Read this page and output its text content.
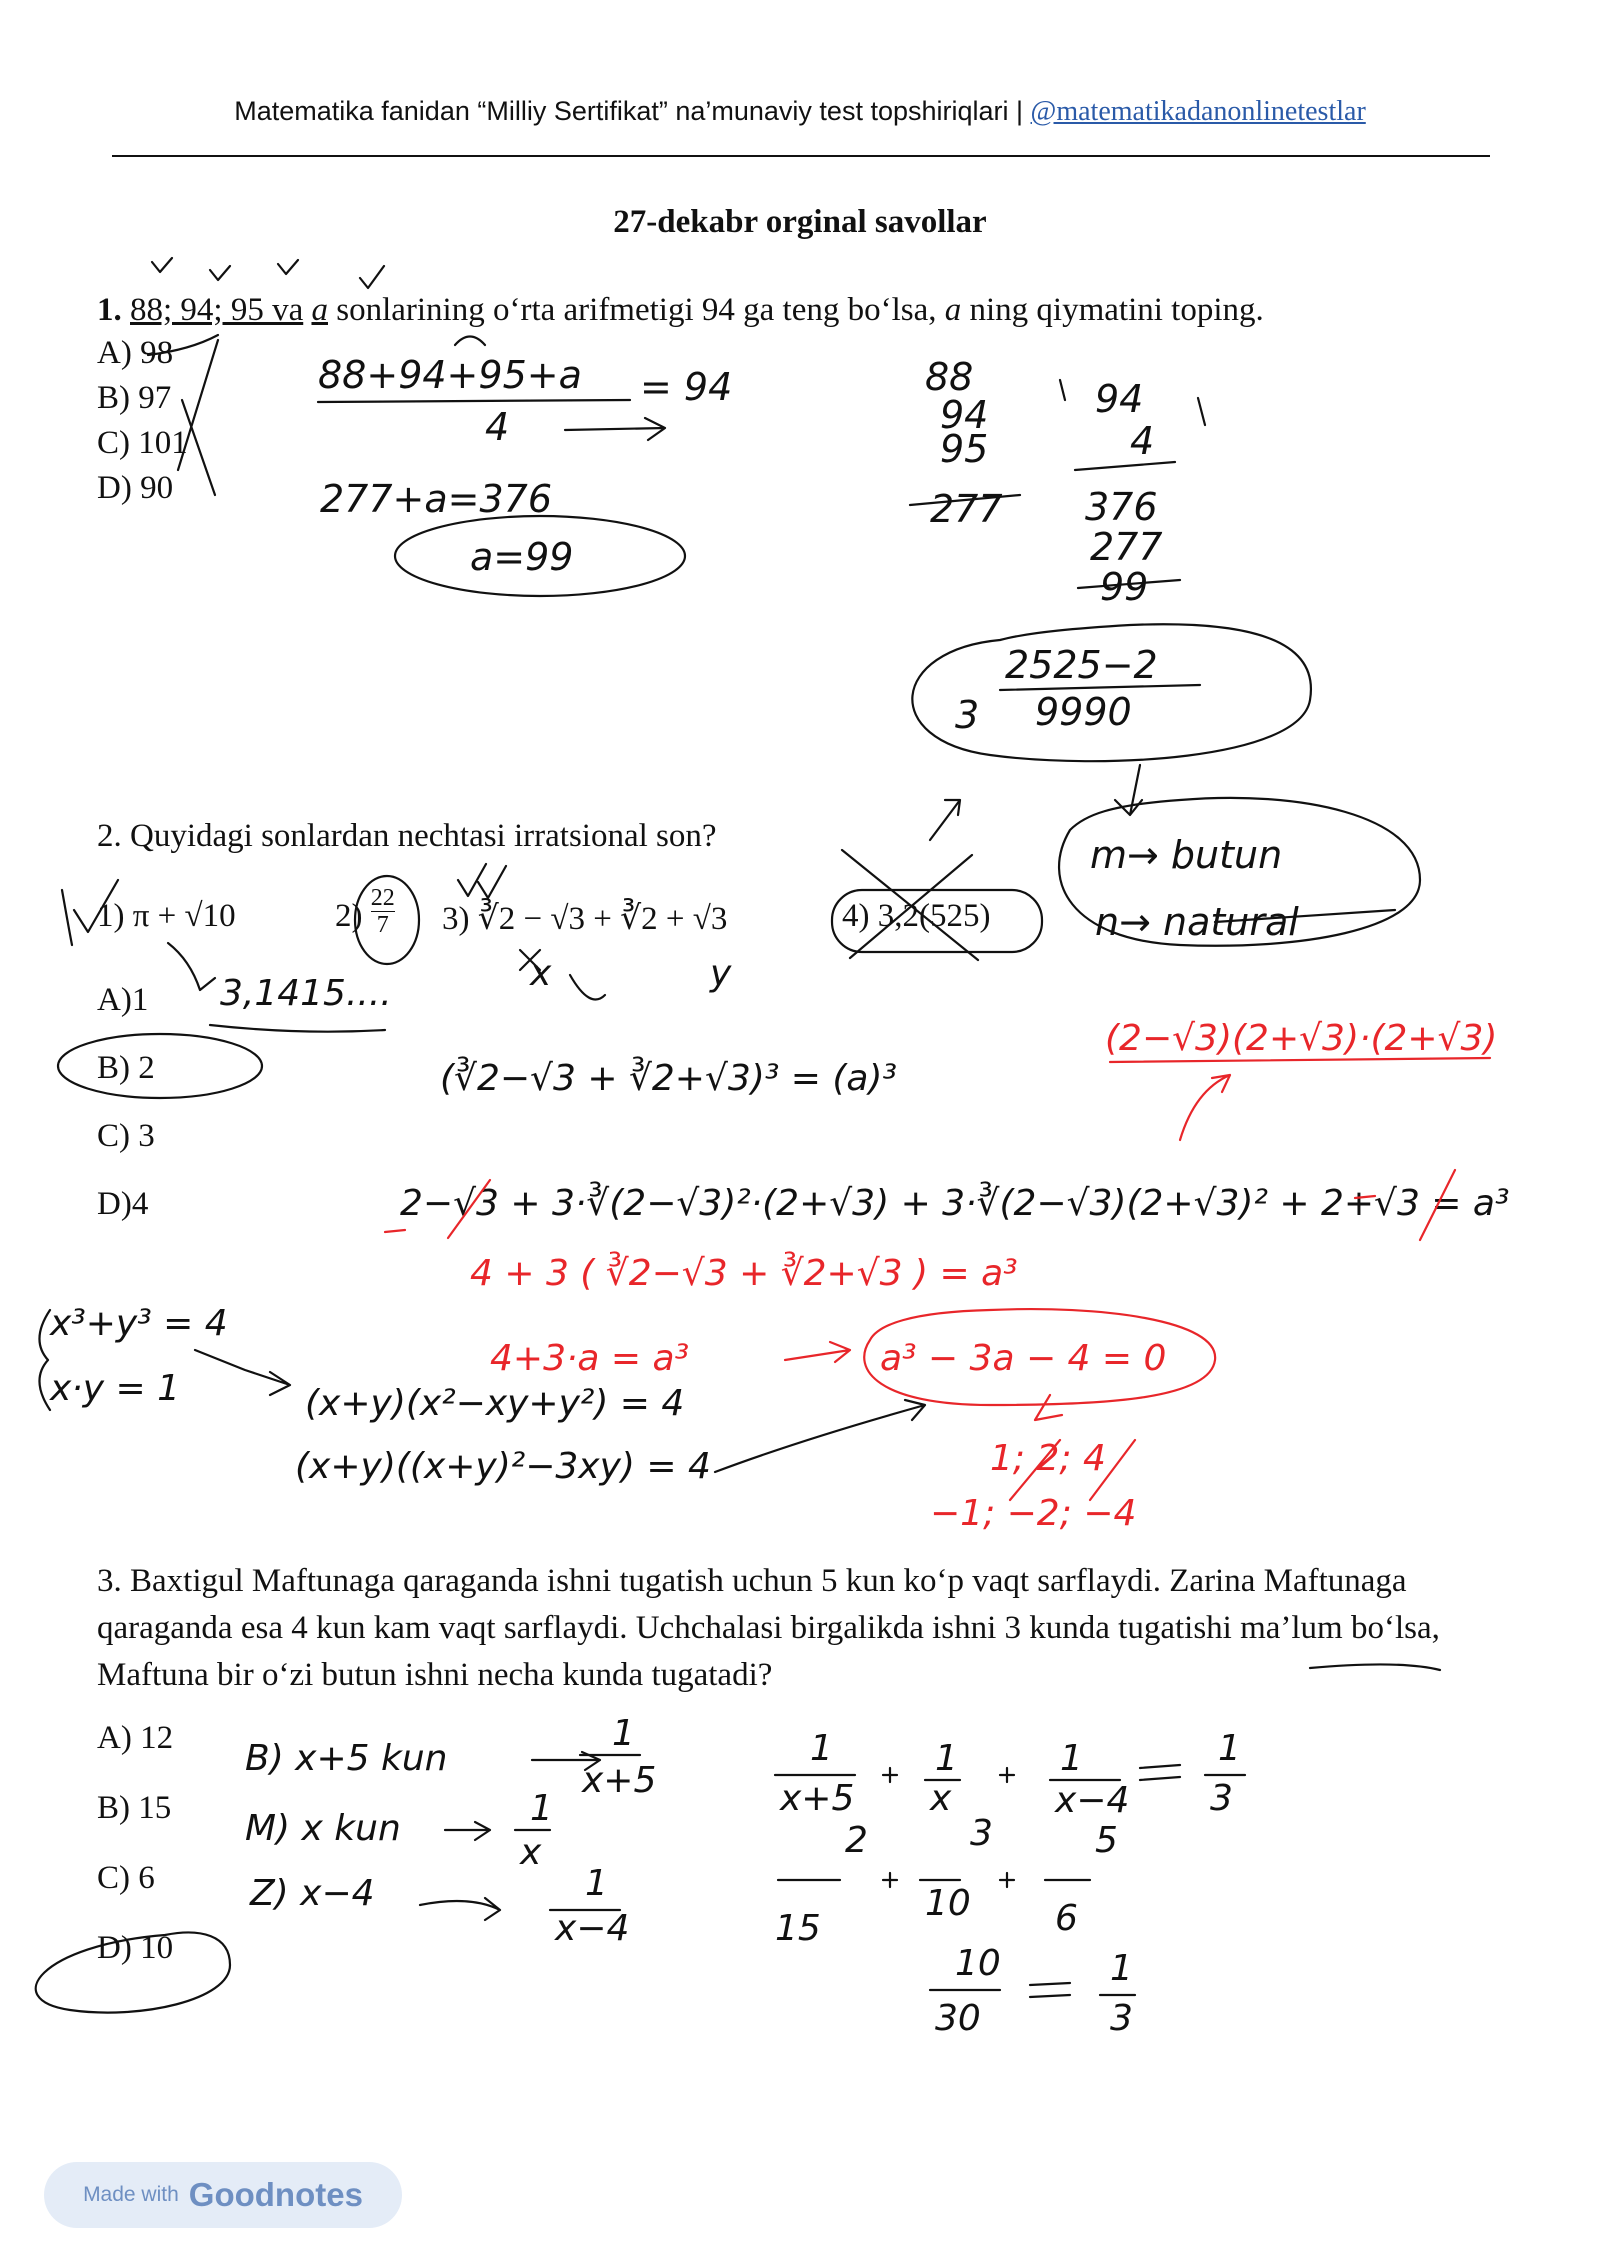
Matematika fanidan “Milliy Sertifikat” na’munaviy test topshiriqlari | @matematikadanonlinetestlar
27-dekabr orginal savollar
1. 88; 94; 95 va a sonlarining o‘rta arifmetigi 94 ga teng bo‘lsa, a ning qiymatini toping.
A) 98
B) 97
C) 101
D) 90
2. Quyidagi sonlardan nechtasi irratsional son?
1) π + √10	$2) \frac{22}{7} 3$) ∛2 − √3 + ∛2 + √3	4) 3,2(525)
A)1
B) 2
C) 3
D)4
3. Baxtigul Maftunaga qaraganda ishni tugatish uchun 5 kun ko‘p vaqt sarflaydi. Zarina Maftunaga qaraganda esa 4 kun kam vaqt sarflaydi. Uchchalasi birgalikda ishni 3 kunda tugatishi ma’lum bo‘lsa, Maftuna bir o‘zi butun ishni necha kunda tugatadi?
A) 12
B) 15
C) 6
D) 10
88+94+95+a = 94
4
277+a=376
a=99
88
94
95
277
94
4
376
277
99
3
2525−2
9990
m→ butun
n→ natural
3,1415....	x	y
(∛2−√3 + ∛2+√3)³ = (a)³
2−√3 + 3·∛(2−√3)²·(2+√3) + 3·∛(2−√3)(2+√3)² + 2+√3 = a³
x³+y³ = 4
x·y = 1	(x+y)(x²−xy+y²) = 4
(x+y)((x+y)²−3xy) = 4
(2−√3)(2+√3)·(2+√3)
4 + 3 ( ∛2−√3 + ∛2+√3 ) = a³
4+3·a = a³	a³ − 3a − 4 = 0
1; 2; 4
−1; −2; −4
B) x+5 kun
M) x kun
Z) x−4
1
x+5
1
x
1
x−4
1
x+5
1
x
1
x−4
1
3
2	3	5
15
10 6
10
30
1
3
Made with Goodnotes
